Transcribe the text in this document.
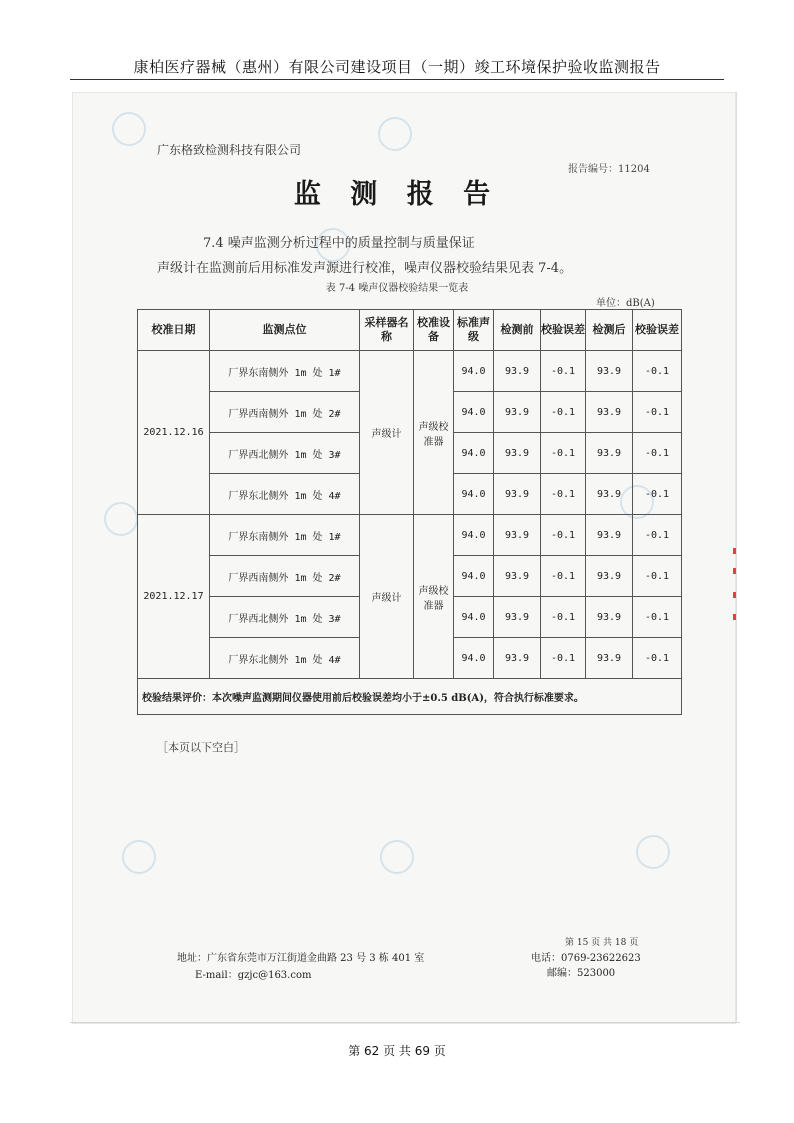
康柏医疗器械（惠州）有限公司建设项目（一期）竣工环境保护验收监测报告
广东格致检测科技有限公司
报告编号：11204
监 测 报 告
7.4 噪声监测分析过程中的质量控制与质量保证
声级计在监测前后用标准发声源进行校准，噪声仪器校验结果见表 7-4。
表 7-4 噪声仪器校验结果一览表
单位：dB(A)
校准日期	监测点位	采样器名称	校准设备	标准声级	检测前	校验误差	检测后	校验误差
2021.12.16	厂界东南侧外 1m 处 1#	声级计	声级校准器	94.0	93.9	-0.1	93.9	-0.1
	厂界西南侧外 1m 处 2#			94.0	93.9	-0.1	93.9	-0.1
	厂界西北侧外 1m 处 3#			94.0	93.9	-0.1	93.9	-0.1
	厂界东北侧外 1m 处 4#			94.0	93.9	-0.1	93.9	-0.1
2021.12.17	厂界东南侧外 1m 处 1#	声级计	声级校准器	94.0	93.9	-0.1	93.9	-0.1
	厂界西南侧外 1m 处 2#			94.0	93.9	-0.1	93.9	-0.1
	厂界西北侧外 1m 处 3#			94.0	93.9	-0.1	93.9	-0.1
	厂界东北侧外 1m 处 4#			94.0	93.9	-0.1	93.9	-0.1
校验结果评价：本次噪声监测期间仪器使用前后校验误差均小于±0.5 dB(A)，符合执行标准要求。								
［本页以下空白］
第 15 页 共 18 页
地址：广东省东莞市万江街道金曲路 23 号 3 栋 401 室
E-mail：gzjc@163.com
电话：0769-23622623
邮编：523000
第 62 页 共 69 页
